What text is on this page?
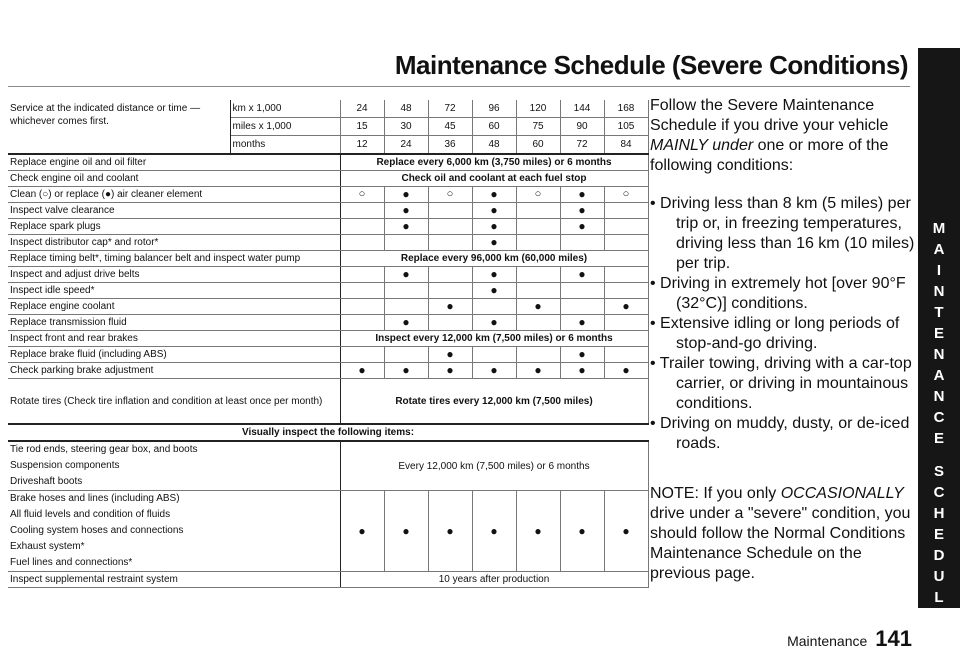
Maintenance Schedule (Severe Conditions)
M
A
I
N
T
E
N
A
N
C
E
S
C
H
E
D
U
L
E
Service at the indicated distance or time — whichever comes first.	km x 1,000	24	48	72	96	120	144	168
	miles x 1,000	15	30	45	60	75	90	105
	months	12	24	36	48	60	72	84
Replace engine oil and oil filter		Replace every 6,000 km (3,750 miles) or 6 months						
Check engine oil and coolant		Check oil and coolant at each fuel stop						
Clean (○) or replace (●) air cleaner element		○	●	○	●	○	●	○
Inspect valve clearance			●		●		●	
Replace spark plugs			●		●		●	
Inspect distributor cap* and rotor*					●			
Replace timing belt*, timing balancer belt and inspect water pump		Replace every 96,000 km (60,000 miles)						
Inspect and adjust drive belts			●		●		●	
Inspect idle speed*					●			
Replace engine coolant				●		●		●
Replace transmission fluid			●		●		●	
Inspect front and rear brakes		Inspect every 12,000 km (7,500 miles) or 6 months						
Replace brake fluid (including ABS)				●			●	
Check parking brake adjustment		●	●	●	●	●	●	●
Rotate tires (Check tire inflation and condition at least once per month)		Rotate tires every 12,000 km (7,500 miles)						
Visually inspect the following items:								

Tie rod ends, steering gear box, and boots
Suspension components
Driveshaft boots		Every 12,000 km (7,500 miles) or 6 months						

Brake hoses and lines (including ABS)
All fluid levels and condition of fluids
Cooling system hoses and connections
Exhaust system*
Fuel lines and connections*		●	●	●	●	●	●	●
Inspect supplemental restraint system		10 years after production						

Follow the Severe Maintenance Schedule if you drive your vehicle MAINLY under one or more of the following conditions:

• Driving less than 8 km (5 miles) per trip or, in freezing temperatures, driving less than 16 km (10 miles) per trip.
• Driving in extremely hot [over 90°F (32°C)] conditions.
• Extensive idling or long periods of stop-and-go driving.
• Trailer towing, driving with a car-top carrier, or driving in mountainous conditions.
• Driving on muddy, dusty, or de-iced roads.

NOTE: If you only OCCASIONALLY drive under a "severe" condition, you should follow the Normal Conditions Maintenance Schedule on the previous page.

Maintenance 141
